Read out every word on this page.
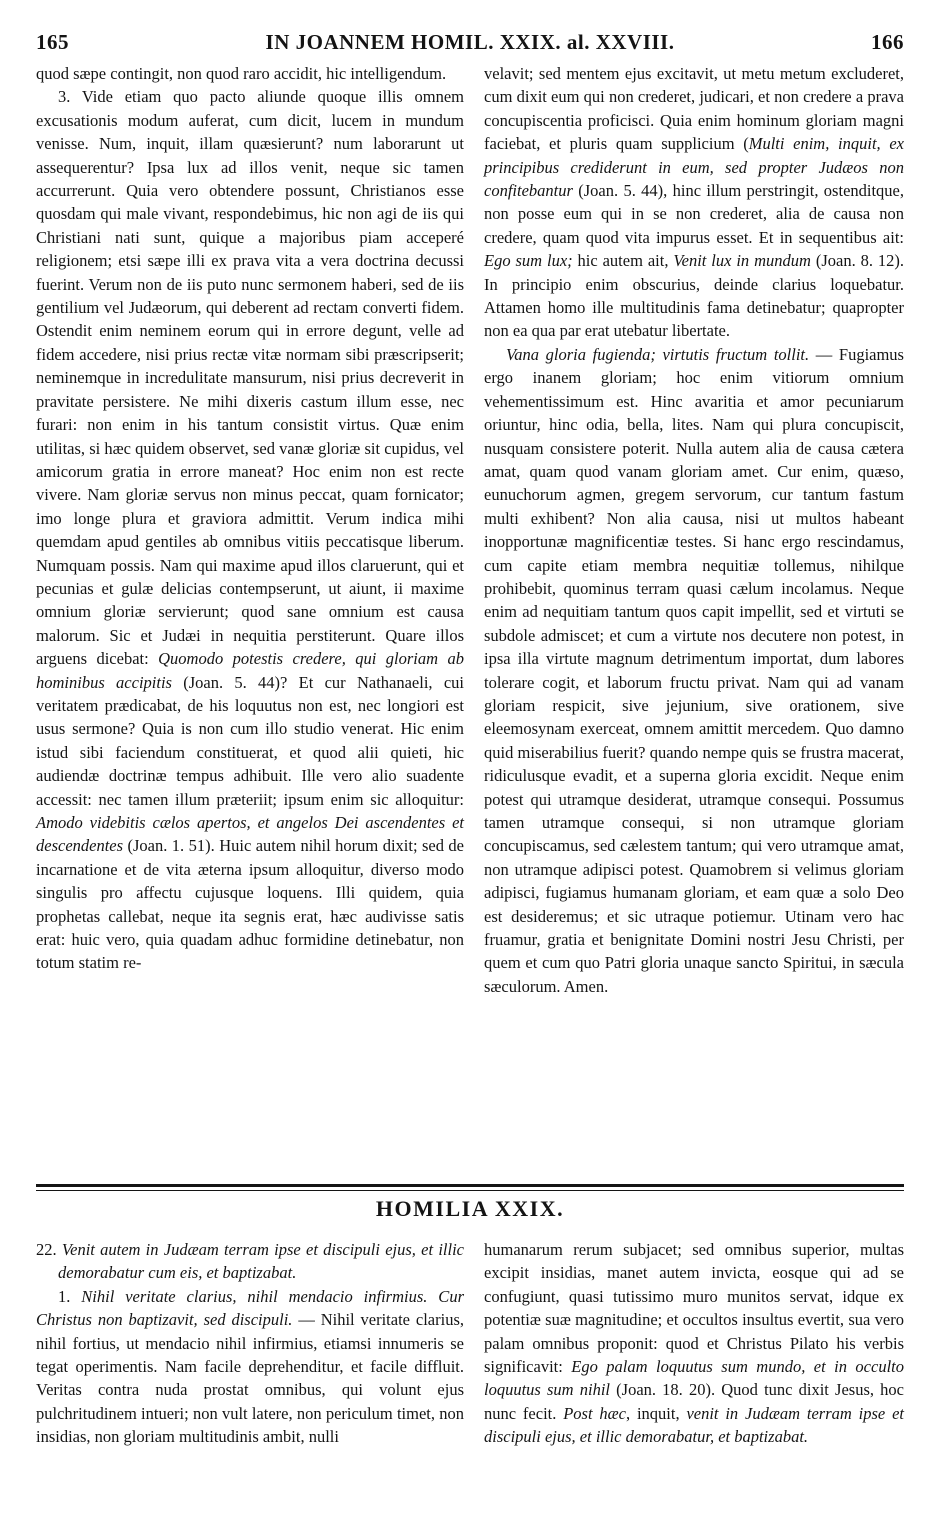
165	IN JOANNEM HOMIL. XXIX. al. XXVIII.	166

quod sæpe contingit, non quod raro accidit, hic intelligendum.

3. Vide etiam quo pacto aliunde quoque illis omnem excusationis modum auferat, cum dicit, lucem in mundum venisse. Num, inquit, illam quæsierunt? num laborarunt ut assequerentur? Ipsa lux ad illos venit, neque sic tamen accurrerunt. Quia vero obtendere possunt, Christianos esse quosdam qui male vivant, respondebimus, hic non agi de iis qui Christiani nati sunt, quique a majoribus piam acceperé religionem; etsi sæpe illi ex prava vita a vera doctrina decussi fuerint. Verum non de iis puto nunc sermonem haberi, sed de iis gentilium vel Judæorum, qui deberent ad rectam converti fidem. Ostendit enim neminem eorum qui in errore degunt, velle ad fidem accedere, nisi prius rectæ vitæ normam sibi præscripserit; neminemque in incredulitate mansurum, nisi prius decreverit in pravitate persistere. Ne mihi dixeris castum illum esse, nec furari: non enim in his tantum consistit virtus. Quæ enim utilitas, si hæc quidem observet, sed vanæ gloriæ sit cupidus, vel amicorum gratia in errore maneat? Hoc enim non est recte vivere. Nam gloriæ servus non minus peccat, quam fornicator; imo longe plura et graviora admittit. Verum indica mihi quemdam apud gentiles ab omnibus vitiis peccatisque liberum. Numquam possis. Nam qui maxime apud illos claruerunt, qui et pecunias et gulæ delicias contempserunt, ut aiunt, ii maxime omnium gloriæ servierunt; quod sane omnium est causa malorum. Sic et Judæi in nequitia perstiterunt. Quare illos arguens dicebat: Quomodo potestis credere, qui gloriam ab hominibus accipitis (Joan. 5. 44)? Et cur Nathanaeli, cui veritatem prædicabat, de his loquutus non est, nec longiori est usus sermone? Quia is non cum illo studio venerat. Hic enim istud sibi faciendum constituerat, et quod alii quieti, hic audiendæ doctrinæ tempus adhibuit. Ille vero alio suadente accessit: nec tamen illum præteriit; ipsum enim sic alloquitur: Amodo videbitis cælos apertos, et angelos Dei ascendentes et descendentes (Joan. 1. 51). Huic autem nihil horum dixit; sed de incarnatione et de vita æterna ipsum alloquitur, diverso modo singulis pro affectu cujusque loquens. Illi quidem, quia prophetas callebat, neque ita segnis erat, hæc audivisse satis erat: huic vero, quia quadam adhuc formidine detinebatur, non totum statim re-

velavit; sed mentem ejus excitavit, ut metu metum excluderet, cum dixit eum qui non crederet, judicari, et non credere a prava concupiscentia proficisci. Quia enim hominum gloriam magni faciebat, et pluris quam supplicium (Multi enim, inquit, ex principibus crediderunt in eum, sed propter Judæos non confitebantur (Joan. 5. 44), hinc illum perstringit, ostenditque, non posse eum qui in se non crederet, alia de causa non credere, quam quod vita impurus esset. Et in sequentibus ait: Ego sum lux; hic autem ait, Venit lux in mundum (Joan. 8. 12). In principio enim obscurius, deinde clarius loquebatur. Attamen homo ille multitudinis fama detinebatur; quapropter non ea qua par erat utebatur libertate.

Vana gloria fugienda; virtutis fructum tollit. — Fugiamus ergo inanem gloriam; hoc enim vitiorum omnium vehementissimum est. Hinc avaritia et amor pecuniarum oriuntur, hinc odia, bella, lites. Nam qui plura concupiscit, nusquam consistere poterit. Nulla autem alia de causa cætera amat, quam quod vanam gloriam amet. Cur enim, quæso, eunuchorum agmen, gregem servorum, cur tantum fastum multi exhibent? Non alia causa, nisi ut multos habeant inopportunæ magnificentiæ testes. Si hanc ergo rescindamus, cum capite etiam membra nequitiæ tollemus, nihilque prohibebit, quominus terram quasi cælum incolamus. Neque enim ad nequitiam tantum quos capit impellit, sed et virtuti se subdole admiscet; et cum a virtute nos decutere non potest, in ipsa illa virtute magnum detrimentum importat, dum labores tolerare cogit, et laborum fructu privat. Nam qui ad vanam gloriam respicit, sive jejunium, sive orationem, sive eleemosynam exerceat, omnem amittit mercedem. Quo damno quid miserabilius fuerit? quando nempe quis se frustra macerat, ridiculusque evadit, et a superna gloria excidit. Neque enim potest qui utramque desiderat, utramque consequi. Possumus tamen utramque consequi, si non utramque gloriam concupiscamus, sed cælestem tantum; qui vero utramque amat, non utramque adipisci potest. Quamobrem si velimus gloriam adipisci, fugiamus humanam gloriam, et eam quæ a solo Deo est desideremus; et sic utraque potiemur. Utinam vero hac fruamur, gratia et benignitate Domini nostri Jesu Christi, per quem et cum quo Patri gloria unaque sancto Spiritui, in sæcula sæculorum. Amen.

HOMILIA XXIX.

22. Venit autem in Judæam terram ipse et discipuli ejus, et illic demorabatur cum eis, et baptizabat.

1. Nihil veritate clarius, nihil mendacio infirmius. Cur Christus non baptizavit, sed discipuli. — Nihil veritate clarius, nihil fortius, ut mendacio nihil infirmius, etiamsi innumeris se tegat operimentis. Nam facile deprehenditur, et facile diffluit. Veritas contra nuda prostat omnibus, qui volunt ejus pulchritudinem intueri; non vult latere, non periculum timet, non insidias, non gloriam multitudinis ambit, nulli

humanarum rerum subjacet; sed omnibus superior, multas excipit insidias, manet autem invicta, eosque qui ad se confugiunt, quasi tutissimo muro munitos servat, idque ex potentiæ suæ magnitudine; et occultos insultus evertit, sua vero palam omnibus proponit: quod et Christus Pilato his verbis significavit: Ego palam loquutus sum mundo, et in occulto loquutus sum nihil (Joan. 18. 20). Quod tunc dixit Jesus, hoc nunc fecit. Post hæc, inquit, venit in Judæam terram ipse et discipuli ejus, et illic demorabatur, et baptizabat.
